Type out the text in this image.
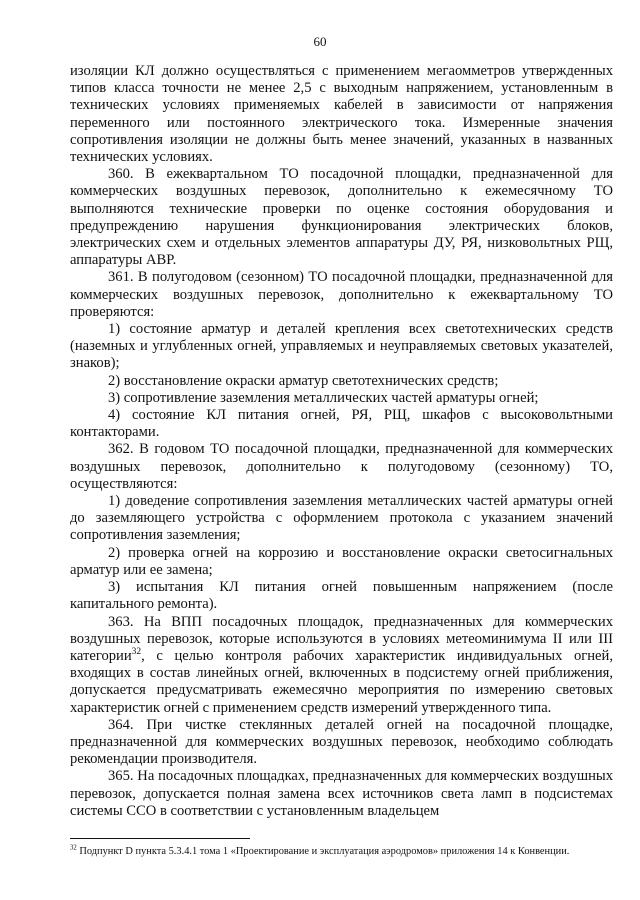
60

изоляции КЛ должно осуществляться с применением мегаомметров утвержденных типов класса точности не менее 2,5 с выходным напряжением, установленным в технических условиях применяемых кабелей в зависимости от напряжения переменного или постоянного электрического тока. Измеренные значения сопротивления изоляции не должны быть менее значений, указанных в названных технических условиях.

360. В ежеквартальном ТО посадочной площадки, предназначенной для коммерческих воздушных перевозок, дополнительно к ежемесячному ТО выполняются технические проверки по оценке состояния оборудования и предупреждению нарушения функционирования электрических блоков, электрических схем и отдельных элементов аппаратуры ДУ, РЯ, низковольтных РЩ, аппаратуры АВР.

361. В полугодовом (сезонном) ТО посадочной площадки, предназначенной для коммерческих воздушных перевозок, дополнительно к ежеквартальному ТО проверяются:

1) состояние арматур и деталей крепления всех светотехнических средств (наземных и углубленных огней, управляемых и неуправляемых световых указателей, знаков);

2) восстановление окраски арматур светотехнических средств;

3) сопротивление заземления металлических частей арматуры огней;

4) состояние КЛ питания огней, РЯ, РЩ, шкафов с высоковольтными контакторами.

362. В годовом ТО посадочной площадки, предназначенной для коммерческих воздушных перевозок, дополнительно к полугодовому (сезонному) ТО, осуществляются:

1) доведение сопротивления заземления металлических частей арматуры огней до заземляющего устройства с оформлением протокола с указанием значений сопротивления заземления;

2) проверка огней на коррозию и восстановление окраски светосигнальных арматур или ее замена;

3) испытания КЛ питания огней повышенным напряжением (после капитального ремонта).

363. На ВПП посадочных площадок, предназначенных для коммерческих воздушных перевозок, которые используются в условиях метеоминимума II или III категории$^{32}$, с целью контроля рабочих характеристик индивидуальных огней, входящих в состав линейных огней, включенных в подсистему огней приближения, допускается предусматривать ежемесячно мероприятия по измерению световых характеристик огней с применением средств измерений утвержденного типа.

364. При чистке стеклянных деталей огней на посадочной площадке, предназначенной для коммерческих воздушных перевозок, необходимо соблюдать рекомендации производителя.

365. На посадочных площадках, предназначенных для коммерческих воздушных перевозок, допускается полная замена всех источников света ламп в подсистемах системы ССО в соответствии с установленным владельцем

$^{32}$ Подпункт D пункта 5.3.4.1 тома 1 «Проектирование и эксплуатация аэродромов» приложения 14 к Конвенции.
